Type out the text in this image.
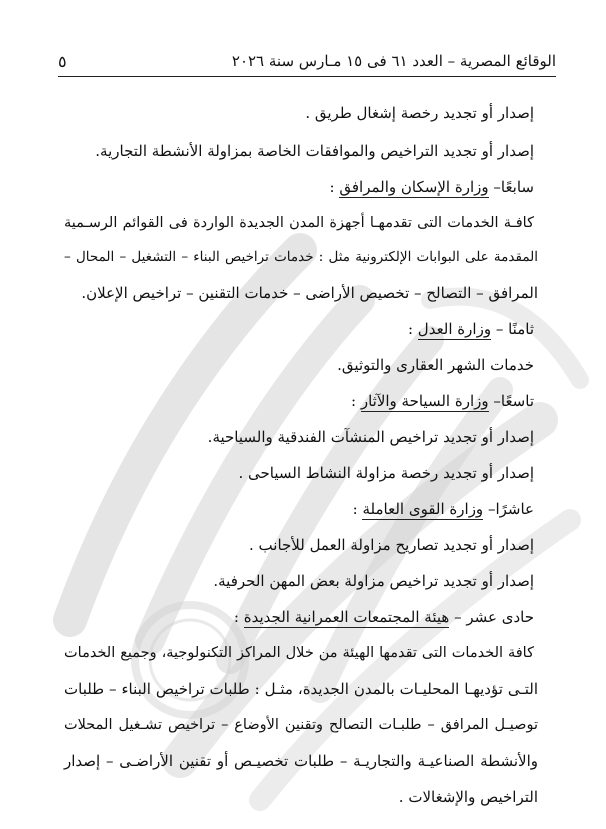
الوقائع المصرية – العدد ٦١ فى ١٥ مـارس سنة ٢٠٢٦
٥
إصدار أو تجديد رخصة إشغال طريق .
إصدار أو تجديد التراخيص والموافقات الخاصة بمزاولة الأنشطة التجارية.
سابعًا– وزارة الإسكان والمرافق :
كافـة الخدمات التى تقدمهـا أجهزة المدن الجديدة الواردة فى القوائم الرسـمية
المقدمة على البوابات الإلكترونية مثل : خدمات تراخيص البناء – التشغيل – المحال –
المرافق – التصالح – تخصيص الأراضى – خدمات التقنين – تراخيص الإعلان.
ثامنًا – وزارة العدل :
خدمات الشهر العقارى والتوثيق.
تاسعًا– وزارة السياحة والآثار :
إصدار أو تجديد تراخيص المنشآت الفندقية والسياحية.
إصدار أو تجديد رخصة مزاولة النشاط السياحى .
عاشرًا– وزارة القوى العاملة :
إصدار أو تجديد تصاريح مزاولة العمل للأجانب .
إصدار أو تجديد تراخيص مزاولة بعض المهن الحرفية.
حادى عشر – هيئة المجتمعات العمرانية الجديدة :
كافة الخدمات التى تقدمها الهيئة من خلال المراكز التكنولوجية، وجميع الخدمات
التـى تؤديهـا المحليـات بالمدن الجديدة، مثـل : طلبات تراخيص البناء – طلبات
توصيـل المرافق – طلبـات التصالح وتقنين الأوضاع – تراخيص تشـغيل المحلات
والأنشطة الصناعيـة والتجاريـة – طلبات تخصيـص أو تقنين الأراضـى – إصدار
التراخيص والإشغالات .
